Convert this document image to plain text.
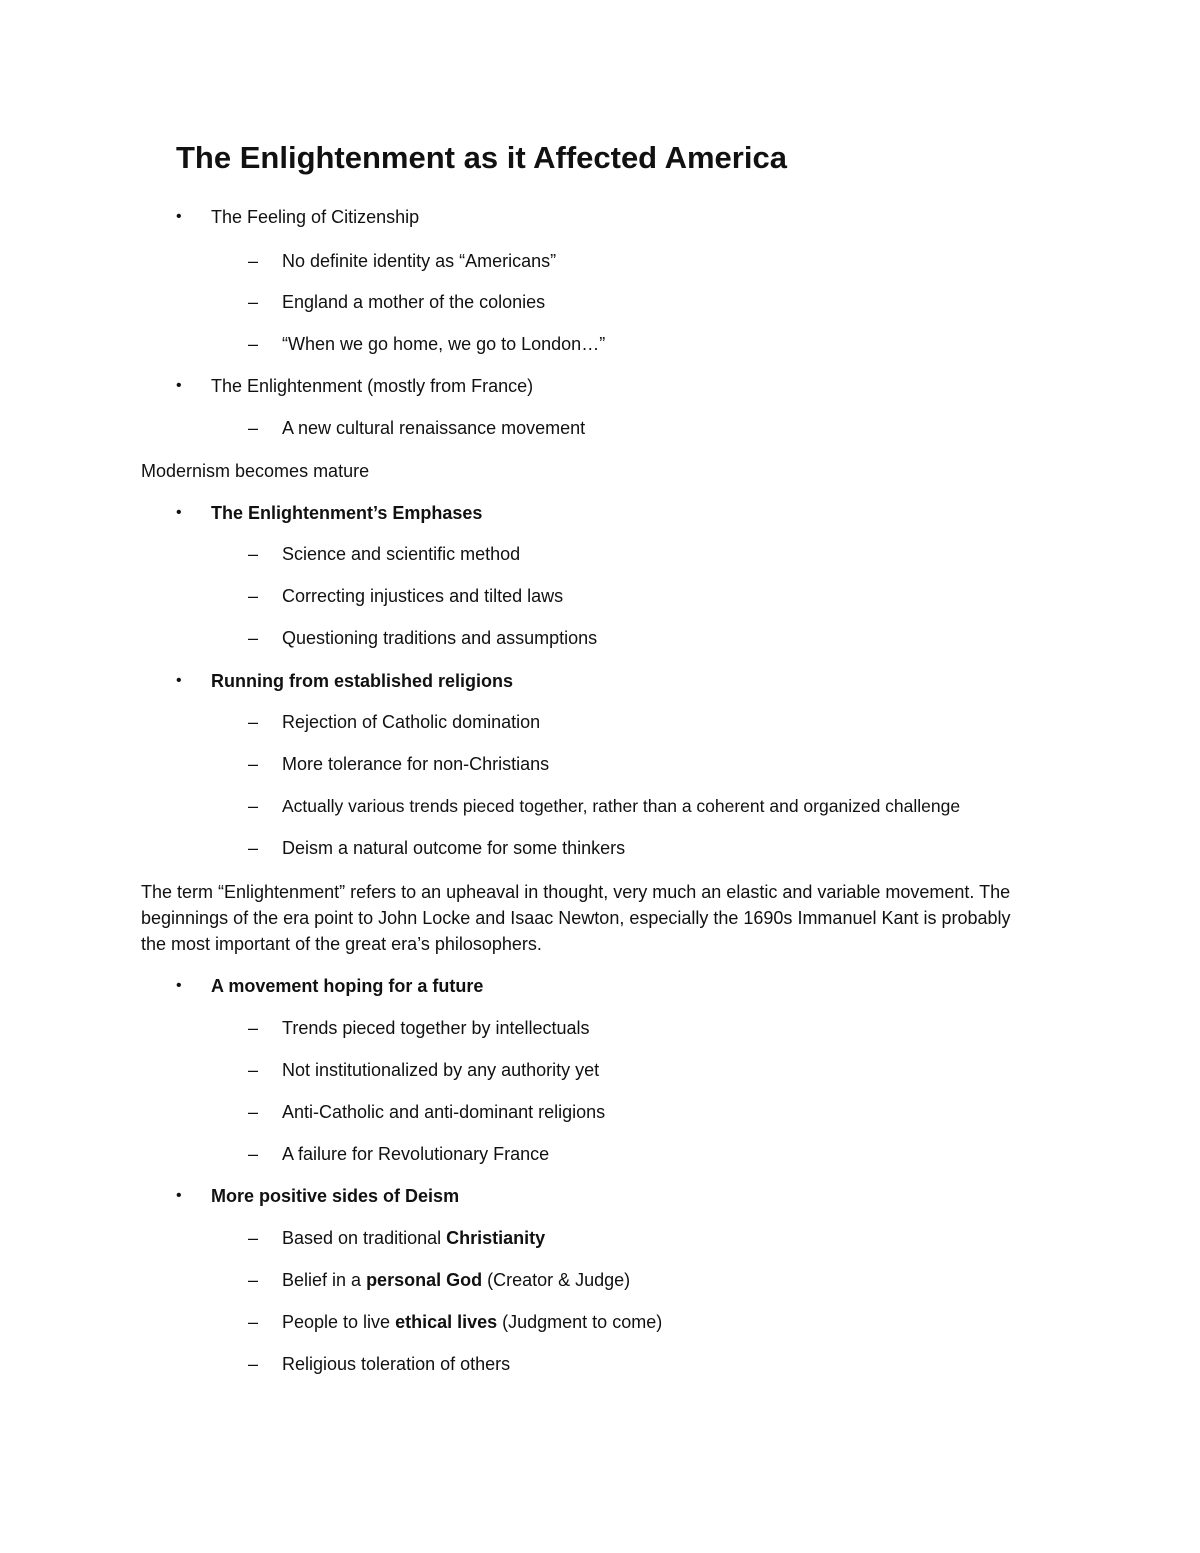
The Enlightenment as it Affected America
• The Feeling of Citizenship
– No definite identity as “Americans”
– England a mother of the colonies
– “When we go home, we go to London…”
• The Enlightenment (mostly from France)
– A new cultural renaissance movement
Modernism becomes mature
• The Enlightenment’s Emphases
– Science and scientific method
– Correcting injustices and tilted laws
– Questioning traditions and assumptions
• Running from established religions
– Rejection of Catholic domination
– More tolerance for non-Christians
– Actually various trends pieced together, rather than a coherent and organized challenge
– Deism a natural outcome for some thinkers

The term “Enlightenment” refers to an upheaval in thought, very much an elastic and variable movement. The beginnings of the era point to John Locke and Isaac Newton, especially the 1690s Immanuel Kant is probably the most important of the great era’s philosophers.

• A movement hoping for a future
– Trends pieced together by intellectuals
– Not institutionalized by any authority yet
– Anti-Catholic and anti-dominant religions
– A failure for Revolutionary France
• More positive sides of Deism
– Based on traditional Christianity
– Belief in a personal God (Creator & Judge)
– People to live ethical lives (Judgment to come)
– Religious toleration of others
